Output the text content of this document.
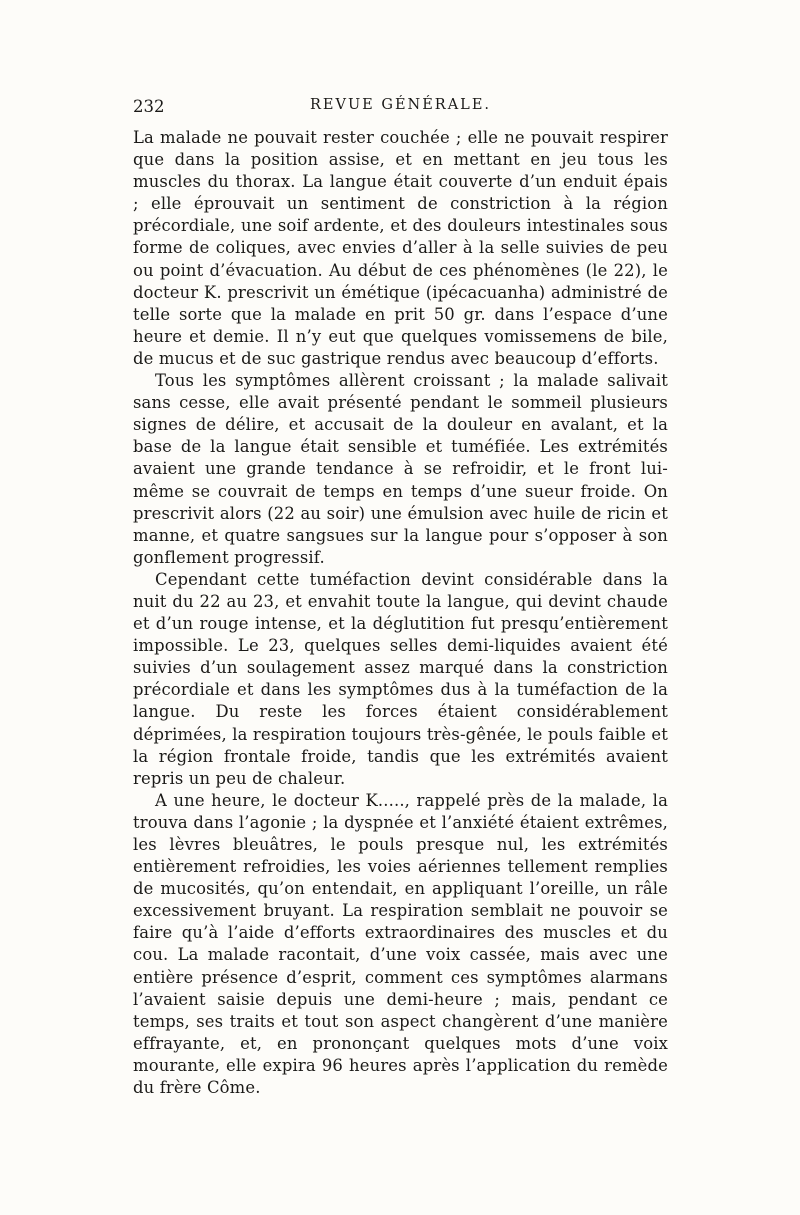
232	REVUE GÉNÉRALE.

La malade ne pouvait rester couchée ; elle ne pouvait respirer que dans la position assise, et en mettant en jeu tous les muscles du thorax. La langue était couverte d’un enduit épais ; elle éprouvait un sentiment de constriction à la région précordiale, une soif ardente, et des douleurs intestinales sous forme de coliques, avec envies d’aller à la selle suivies de peu ou point d’évacuation. Au début de ces phénomènes (le 22), le docteur K. prescrivit un émétique (ipécacuanha) administré de telle sorte que la malade en prit 50 gr. dans l’espace d’une heure et demie. Il n’y eut que quelques vomissemens de bile, de mucus et de suc gastrique rendus avec beaucoup d’efforts.

Tous les symptômes allèrent croissant ; la malade salivait sans cesse, elle avait présenté pendant le sommeil plusieurs signes de délire, et accusait de la douleur en avalant, et la base de la langue était sensible et tuméfiée. Les extrémités avaient une grande tendance à se refroidir, et le front lui-même se couvrait de temps en temps d’une sueur froide. On prescrivit alors (22 au soir) une émulsion avec huile de ricin et manne, et quatre sangsues sur la langue pour s’opposer à son gonflement progressif.

Cependant cette tuméfaction devint considérable dans la nuit du 22 au 23, et envahit toute la langue, qui devint chaude et d’un rouge intense, et la déglutition fut presqu’entièrement impossible. Le 23, quelques selles demi-liquides avaient été suivies d’un soulagement assez marqué dans la constriction précordiale et dans les symptômes dus à la tuméfaction de la langue. Du reste les forces étaient considérablement déprimées, la respiration toujours très-gênée, le pouls faible et la région frontale froide, tandis que les extrémités avaient repris un peu de chaleur.

A une heure, le docteur K....., rappelé près de la malade, la trouva dans l’agonie ; la dyspnée et l’anxiété étaient extrêmes, les lèvres bleuâtres, le pouls presque nul, les extrémités entièrement refroidies, les voies aériennes tellement remplies de mucosités, qu’on entendait, en appliquant l’oreille, un râle excessivement bruyant. La respiration semblait ne pouvoir se faire qu’à l’aide d’efforts extraordinaires des muscles et du cou. La malade racontait, d’une voix cassée, mais avec une entière présence d’esprit, comment ces symptômes alarmans l’avaient saisie depuis une demi-heure ; mais, pendant ce temps, ses traits et tout son aspect changèrent d’une manière effrayante, et, en prononçant quelques mots d’une voix mourante, elle expira 96 heures après l’application du remède du frère Côme.
